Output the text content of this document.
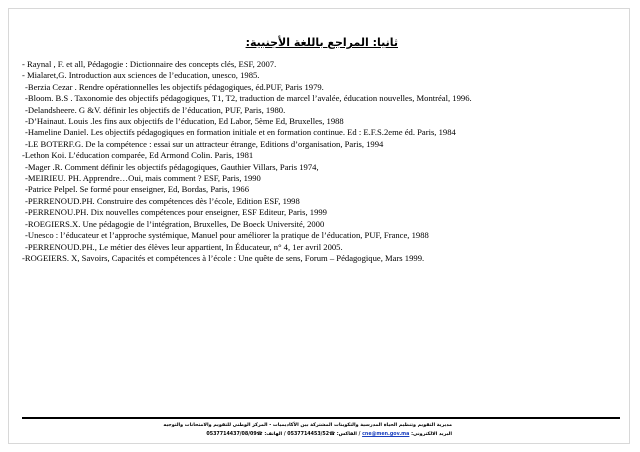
ثانيا: المراجع باللغة الأجنبية:
- Raynal , F. et all, Pédagogie : Dictionnaire des concepts clés, ESF, 2007.
- Mialaret,G. Introduction aux sciences de l’education, unesco, 1985.
-Berzia Cezar . Rendre opérationnelles les objectifs pédagogiques, éd.PUF, Paris 1979.
-Bloom. B.S . Taxonomie des objectifs pédagogiques, T1, T2, traduction de marcel l’avalée, éducation nouvelles, Montréal, 1996.
-Delandsheere. G &V. définir les objectifs de l’éducation, PUF, Paris, 1980.
-D’Hainaut. Louis .les fins aux objectifs de l’éducation, Ed Labor, 5ème Ed, Bruxelles, 1988
-Hameline Daniel. Les objectifs pédagogiques en formation initiale et en formation continue. Ed : E.F.S.2eme éd. Paris, 1984
-LE BOTERF.G. De la compétence : essai sur un attracteur étrange, Editions d’organisation, Paris, 1994
-Lethon Koi. L’éducation comparée, Ed Armond Colin. Paris, 1981
-Mager .R. Comment définir les objectifs pédagogiques, Gauthier Villars, Paris 1974,
-MEIRIEU. PH. Apprendre…Oui, mais comment ? ESF, Paris, 1990
-Patrice Pelpel. Se formé pour enseigner, Ed, Bordas, Paris, 1966
-PERRENOUD.PH. Construire des compétences dès l’école, Edition ESF, 1998
-PERRENOU.PH. Dix nouvelles compétences pour enseigner, ESF Editeur, Paris, 1999
-ROEGIERS.X. Une pédagogie de l’intégration, Bruxelles, De Boeck Université, 2000
-Unesco : l’éducateur et l’approche systémique, Manuel pour améliorer la pratique de l’éducation, PUF, France, 1988
-PERRENOUD.PH., Le métier des élèves leur appartient, In Éducateur, n° 4, 1er avril 2005.
-ROGEIERS. X, Savoirs, Capacités et compétences à l’école : Une quête de sens, Forum – Pédagogique, Mars 1999.
مديرية التقويم وتنظيم الحياة المدرسية والتكوينات المشتركة بين الأكاديميات - المركز الوطني للتقويم والامتحانات والتوجيه
البريد الالكتروني: cne@men.gov.ma / الفاكس: ☎0537714453/52 / الهاتف: ☎0537714437/08/09
